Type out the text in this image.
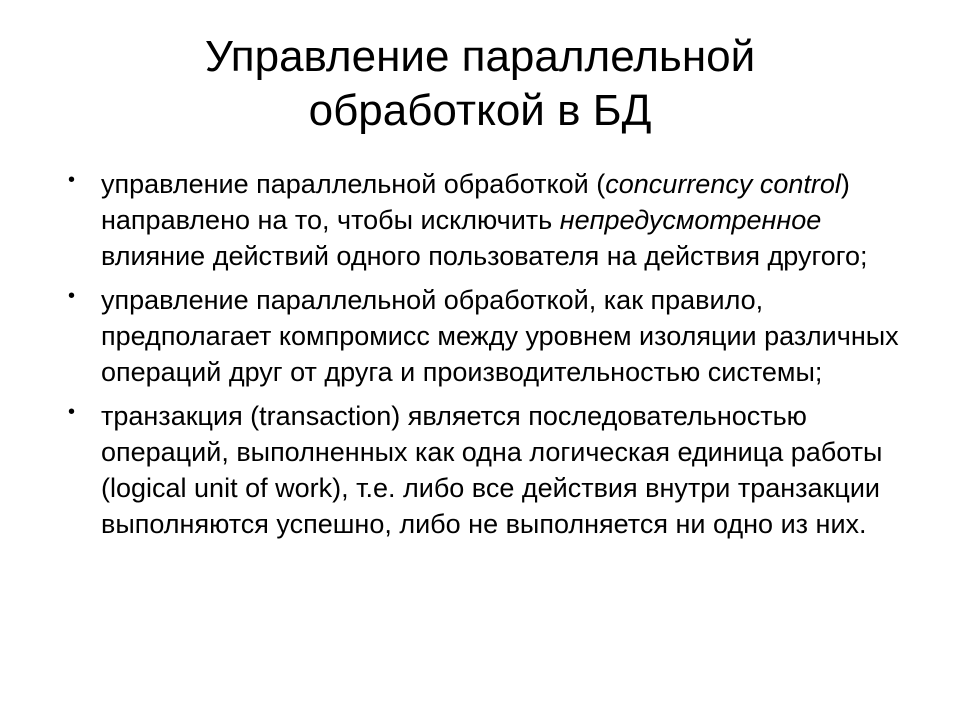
Управление параллельной
обработкой в БД
• управление параллельной обработкой (concurrency control) направлено на то, чтобы исключить непредусмотренное влияние действий одного пользователя на действия другого;
• управление параллельной обработкой, как правило, предполагает компромисс между уровнем изоляции различных операций друг от друга и производительностью системы;
• транзакция (transaction) является последовательностью операций, выполненных как одна логическая единица работы (logical unit of work), т.е. либо все действия внутри транзакции выполняются успешно, либо не выполняется ни одно из них.
